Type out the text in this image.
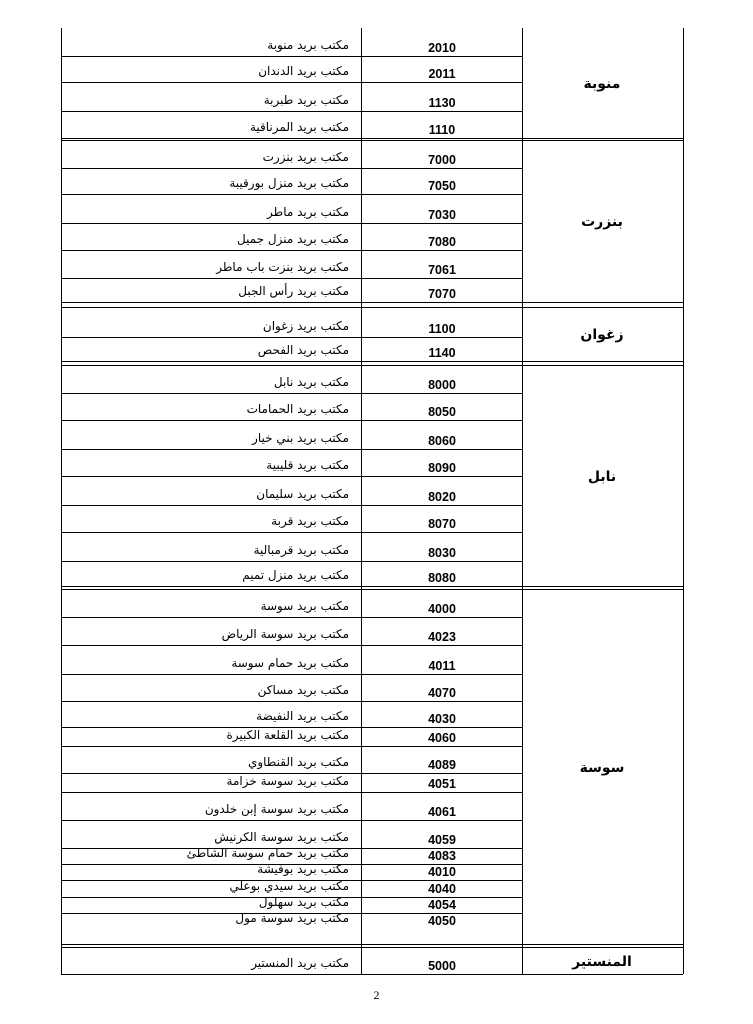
منوبة
مكتب بريد منوبة	2010
مكتب بريد الدندان	2011
مكتب بريد طبربة	1130
مكتب بريد المرناقية	1110
بنزرت
مكتب بريد بنزرت	7000
مكتب بريد منزل بورقيبة	7050
مكتب بريد ماطر	7030
مكتب بريد منزل جميل	7080
مكتب بريد بنزت باب ماطر	7061
مكتب بريد رأس الجبل	7070
زغوان
مكتب بريد زغوان	1100
مكتب بريد الفحص	1140
نابل
مكتب بريد نابل	8000
مكتب بريد الحمامات	8050
مكتب بريد بني خيار	8060
مكتب بريد قليبية	8090
مكتب بريد سليمان	8020
مكتب بريد قربة	8070
مكتب بريد قرمبالية	8030
مكتب بريد منزل تميم	8080
سوسة
مكتب بريد سوسة	4000
مكتب بريد سوسة الرياض	4023
مكتب بريد حمام سوسة	4011
مكتب بريد مساكن	4070
مكتب بريد النفيضة	4030
مكتب بريد القلعة الكبيرة	4060
مكتب بريد القنطاوي	4089
مكتب بريد سوسة خزامة	4051
مكتب بريد سوسة إبن خلدون	4061
مكتب بريد سوسة الكرنيش	4059
مكتب بريد حمام سوسة الشاطئ	4083
مكتب بريد بوفيشة	4010
مكتب بريد سيدي بوعلي	4040
مكتب بريد سهلول	4054
مكتب بريد سوسة مول	4050
المنستير
مكتب بريد المنستير	5000
2
